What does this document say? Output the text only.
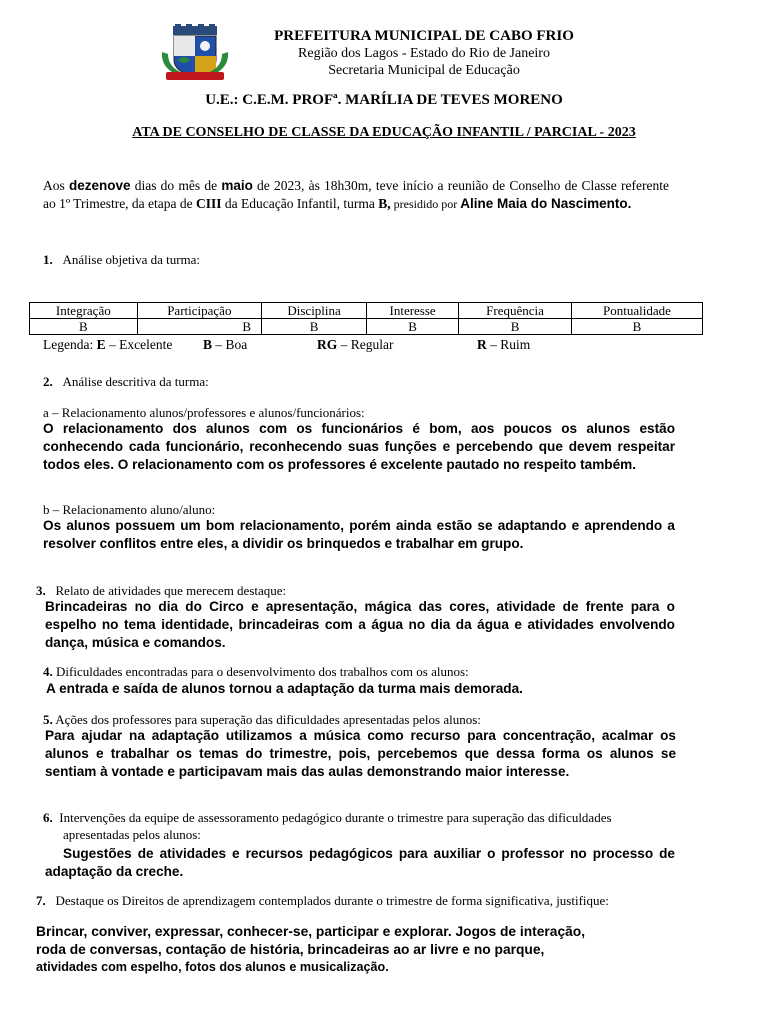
PREFEITURA MUNICIPAL DE CABO FRIO
Região dos Lagos - Estado do Rio de Janeiro
Secretaria Municipal de Educação
U.E.: C.E.M. PROFª. MARÍLIA DE TEVES MORENO
ATA DE CONSELHO DE CLASSE DA EDUCAÇÃO INFANTIL / PARCIAL - 2023
Aos dezenove dias do mês de maio de 2023, às 18h30m, teve início a reunião de Conselho de Classe referente ao 1º Trimestre, da etapa de CIII da Educação Infantil, turma B, presidido por Aline Maia do Nascimento.
1. Análise objetiva da turma:
Integração	Participação	Disciplina	Interesse	Frequência	Pontualidade
B	B	B	B	B	B
Legenda: E – Excelente B – Boa	RG – Regular	R – Ruim
2. Análise descritiva da turma:
a – Relacionamento alunos/professores e alunos/funcionários:
O relacionamento dos alunos com os funcionários é bom, aos poucos os alunos estão conhecendo cada funcionário, reconhecendo suas funções e percebendo que devem respeitar todos eles. O relacionamento com os professores é excelente pautado no respeito também.
b – Relacionamento aluno/aluno:
Os alunos possuem um bom relacionamento, porém ainda estão se adaptando e aprendendo a resolver conflitos entre eles, a dividir os brinquedos e trabalhar em grupo.
3. Relato de atividades que merecem destaque:
Brincadeiras no dia do Circo e apresentação, mágica das cores, atividade de frente para o espelho no tema identidade, brincadeiras com a água no dia da água e atividades envolvendo dança, música e comandos.
4. Dificuldades encontradas para o desenvolvimento dos trabalhos com os alunos:
A entrada e saída de alunos tornou a adaptação da turma mais demorada.
5. Ações dos professores para superação das dificuldades apresentadas pelos alunos:
Para ajudar na adaptação utilizamos a música como recurso para concentração, acalmar os alunos e trabalhar os temas do trimestre, pois, percebemos que dessa forma os alunos se sentiam à vontade e participavam mais das aulas demonstrando maior interesse.
6. Intervenções da equipe de assessoramento pedagógico durante o trimestre para superação das dificuldades
apresentadas pelos alunos:
Sugestões de atividades e recursos pedagógicos para auxiliar o professor no processo de adaptação da creche.
7. Destaque os Direitos de aprendizagem contemplados durante o trimestre de forma significativa, justifique:
Brincar, conviver, expressar, conhecer-se, participar e explorar. Jogos de interação,
roda de conversas, contação de história, brincadeiras ao ar livre e no parque,
atividades com espelho, fotos dos alunos e musicalização.
